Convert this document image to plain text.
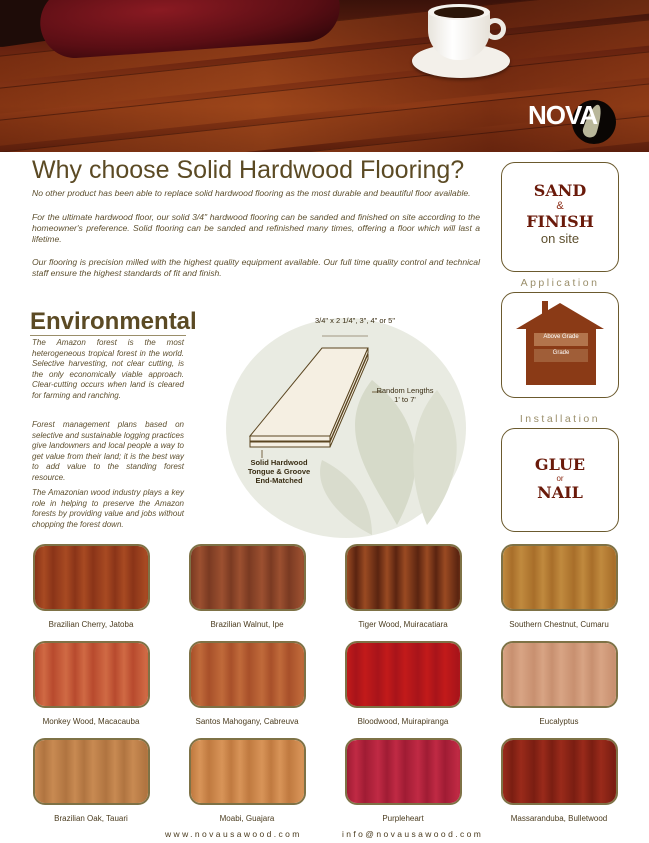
NOVA
Why choose Solid Hardwood Flooring?

No other product has been able to replace solid hardwood flooring as the most durable and beautiful floor available.

For the ultimate hardwood floor, our solid 3/4" hardwood flooring can be sanded and finished on site according to the homeowner's preference. Solid flooring can be sanded and refinished many times, offering a floor which will last a lifetime.

Our flooring is precision milled with the highest quality equipment available. Our full time quality control and technical staff ensure the highest standards of fit and finish.

Environmental

The Amazon forest is the most heterogeneous tropical forest in the world. Selective harvesting, not clear cutting, is the only economically viable approach. Clear-cutting occurs when land is cleared for farming and ranching.

Forest management plans based on selective and sustainable logging practices give landowners and local people a way to get value from their land; it is the best way to add value to the standing forest resource.

The Amazonian wood industry plays a key role in helping to preserve the Amazon forests by providing value and jobs without chopping the forest down.

3/4" x 2 1/4", 3", 4" or 5"
Random Lengths
1' to 7'
Solid Hardwood
Tongue & Groove
End-Matched
SAND
&
FINISH
on site
Application
Above Grade
Grade
Installation
GLUE
or
NAIL
Brazilian Cherry, Jatoba	Brazilian Walnut, Ipe	Tiger Wood, Muiracatiara	Southern Chestnut, Cumaru
Monkey Wood, Macacauba	Santos Mahogany, Cabreuva	Bloodwood, Muirapiranga	Eucalyptus
Brazilian Oak, Tauari	Moabi, Guajara	Purpleheart	Massaranduba, Bulletwood
www.novausawood.com	info@novausawood.com
